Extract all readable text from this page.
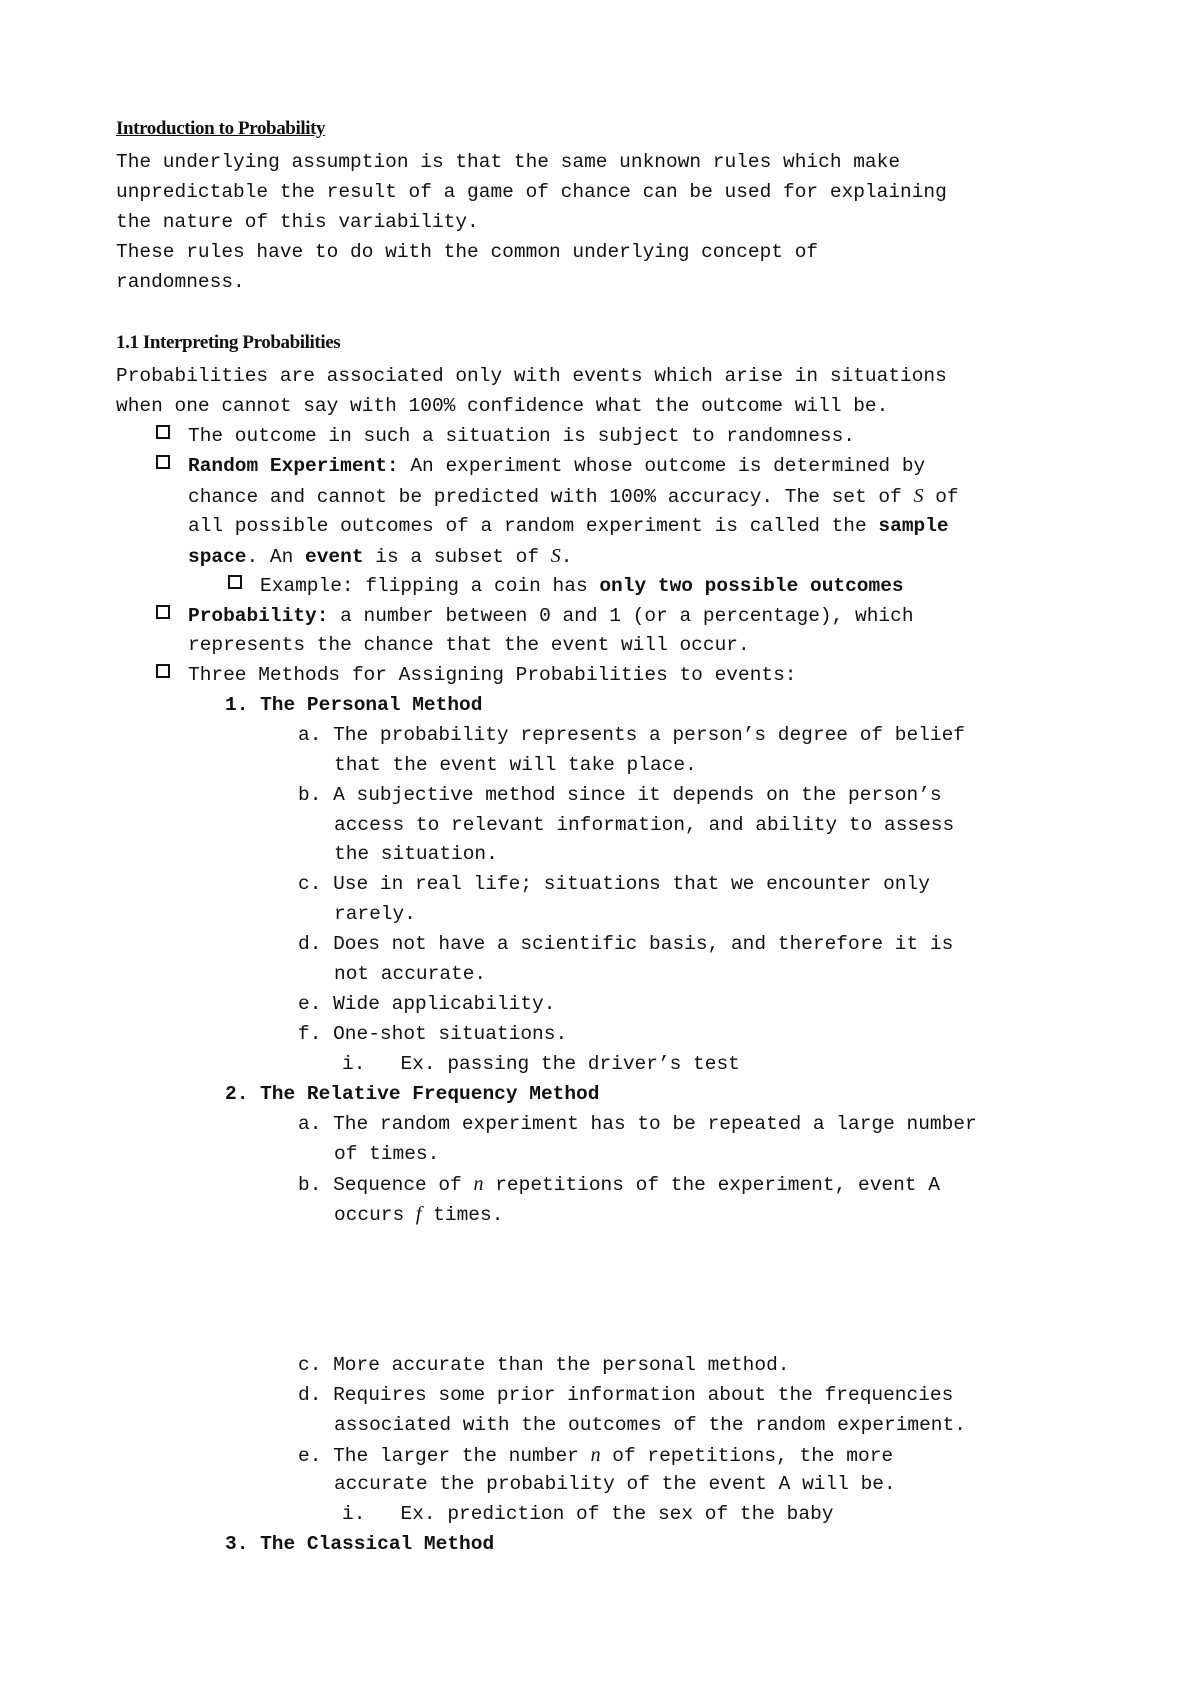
Introduction to Probability
The underlying assumption is that the same unknown rules which make
unpredictable the result of a game of chance can be used for explaining
the nature of this variability.
These rules have to do with the common underlying concept of
randomness.
1.1 Interpreting Probabilities
Probabilities are associated only with events which arise in situations
when one cannot say with 100% confidence what the outcome will be.
The outcome in such a situation is subject to randomness.
Random Experiment: An experiment whose outcome is determined by
chance and cannot be predicted with 100% accuracy. The set of S of
all possible outcomes of a random experiment is called the sample
space. An event is a subset of S.
Example: flipping a coin has only two possible outcomes
Probability: a number between 0 and 1 (or a percentage), which
represents the chance that the event will occur.
Three Methods for Assigning Probabilities to events:
1. The Personal Method
a. The probability represents a person’s degree of belief
that the event will take place.
b. A subjective method since it depends on the person’s
access to relevant information, and ability to assess
the situation.
c. Use in real life; situations that we encounter only
rarely.
d. Does not have a scientific basis, and therefore it is
not accurate.
e. Wide applicability.
f. One-shot situations.
i.   Ex. passing the driver’s test
2. The Relative Frequency Method
a. The random experiment has to be repeated a large number
of times.
b. Sequence of n repetitions of the experiment, event A
occurs f times.
c. More accurate than the personal method.
d. Requires some prior information about the frequencies
associated with the outcomes of the random experiment.
e. The larger the number n of repetitions, the more
accurate the probability of the event A will be.
i.   Ex. prediction of the sex of the baby
3. The Classical Method
